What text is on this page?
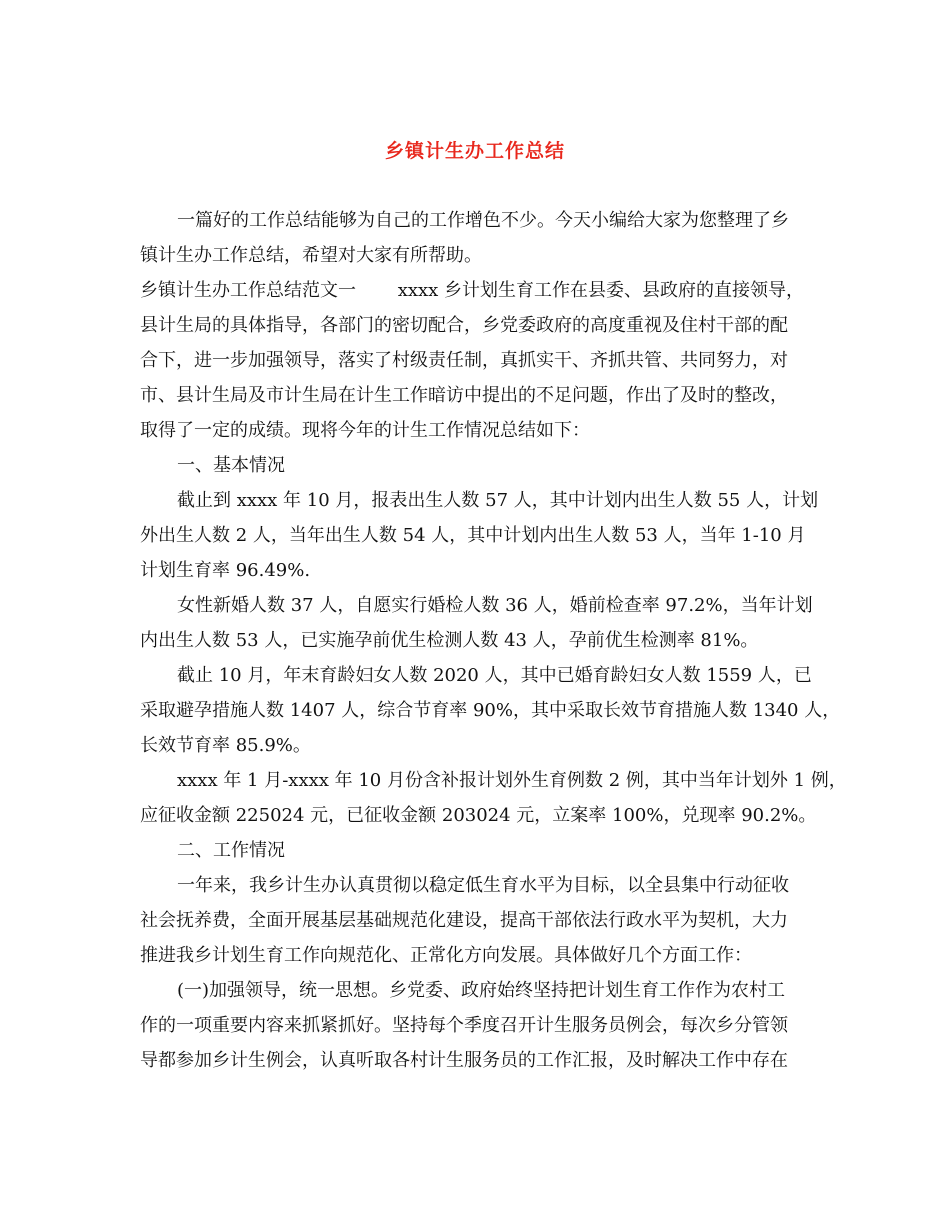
乡镇计生办工作总结
一篇好的工作总结能够为自己的工作增色不少。今天小编给大家为您整理了乡
镇计生办工作总结，希望对大家有所帮助。
乡镇计生办工作总结范文一　　 xxxx 乡计划生育工作在县委、县政府的直接领导，
县计生局的具体指导，各部门的密切配合，乡党委政府的高度重视及住村干部的配
合下，进一步加强领导，落实了村级责任制，真抓实干、齐抓共管、共同努力，对
市、县计生局及市计生局在计生工作暗访中提出的不足问题，作出了及时的整改，
取得了一定的成绩。现将今年的计生工作情况总结如下：
一、基本情况
截止到 xxxx 年 10 月，报表出生人数 57 人，其中计划内出生人数 55 人，计划
外出生人数 2 人，当年出生人数 54 人，其中计划内出生人数 53 人，当年 1-10 月
计划生育率 96.49%.
女性新婚人数 37 人，自愿实行婚检人数 36 人，婚前检查率 97.2%，当年计划
内出生人数 53 人，已实施孕前优生检测人数 43 人，孕前优生检测率 81%。
截止 10 月，年末育龄妇女人数 2020 人，其中已婚育龄妇女人数 1559 人，已
采取避孕措施人数 1407 人，综合节育率 90%，其中采取长效节育措施人数 1340 人，
长效节育率 85.9%。
xxxx 年 1 月-xxxx 年 10 月份含补报计划外生育例数 2 例，其中当年计划外 1 例，
应征收金额 225024 元，已征收金额 203024 元，立案率 100%，兑现率 90.2%。
二、工作情况
一年来，我乡计生办认真贯彻以稳定低生育水平为目标，以全县集中行动征收
社会抚养费，全面开展基层基础规范化建设，提高干部依法行政水平为契机，大力
推进我乡计划生育工作向规范化、正常化方向发展。具体做好几个方面工作：
(一)加强领导，统一思想。乡党委、政府始终坚持把计划生育工作作为农村工
作的一项重要内容来抓紧抓好。坚持每个季度召开计生服务员例会，每次乡分管领
导都参加乡计生例会，认真听取各村计生服务员的工作汇报，及时解决工作中存在
